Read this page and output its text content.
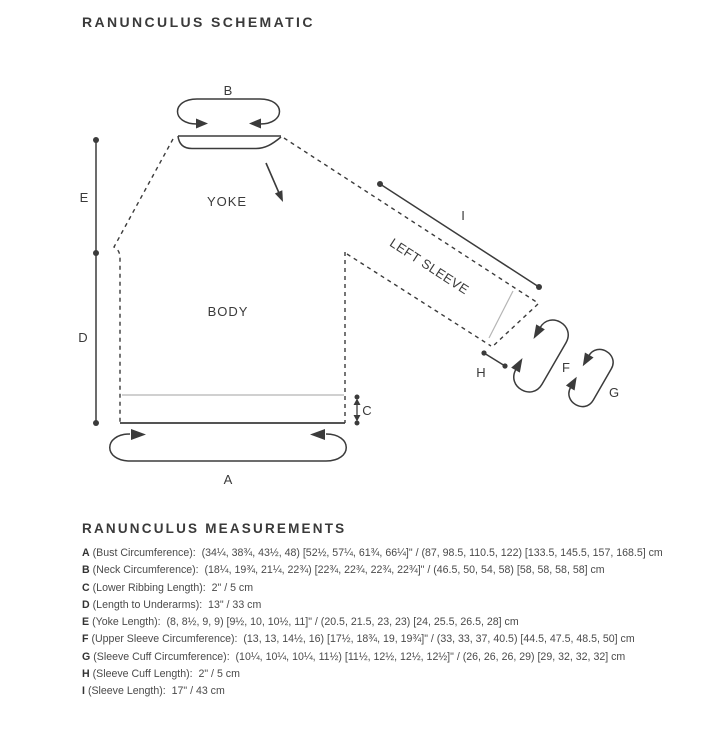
RANUNCULUS SCHEMATIC
B
E
D
C
A
I
H	F
G
YOKE
BODY
LEFT SLEEVE
RANUNCULUS MEASUREMENTS
A (Bust Circumference):  (34¼, 38¾, 43½, 48) [52½, 57¼, 61¾, 66¼]" / (87, 98.5, 110.5, 122) [133.5, 145.5, 157, 168.5] cm
B (Neck Circumference):  (18¼, 19¾, 21¼, 22¾) [22¾, 22¾, 22¾, 22¾]" / (46.5, 50, 54, 58) [58, 58, 58, 58] cm
C (Lower Ribbing Length):  2" / 5 cm
D (Length to Underarms):  13" / 33 cm
E (Yoke Length):  (8, 8½, 9, 9) [9½, 10, 10½, 11]" / (20.5, 21.5, 23, 23) [24, 25.5, 26.5, 28] cm
F (Upper Sleeve Circumference):  (13, 13, 14½, 16) [17½, 18¾, 19, 19¾]" / (33, 33, 37, 40.5) [44.5, 47.5, 48.5, 50] cm
G (Sleeve Cuff Circumference):  (10¼, 10¼, 10¼, 11½) [11½, 12½, 12½, 12½]" / (26, 26, 26, 29) [29, 32, 32, 32] cm
H (Sleeve Cuff Length):  2" / 5 cm
I (Sleeve Length):  17" / 43 cm
